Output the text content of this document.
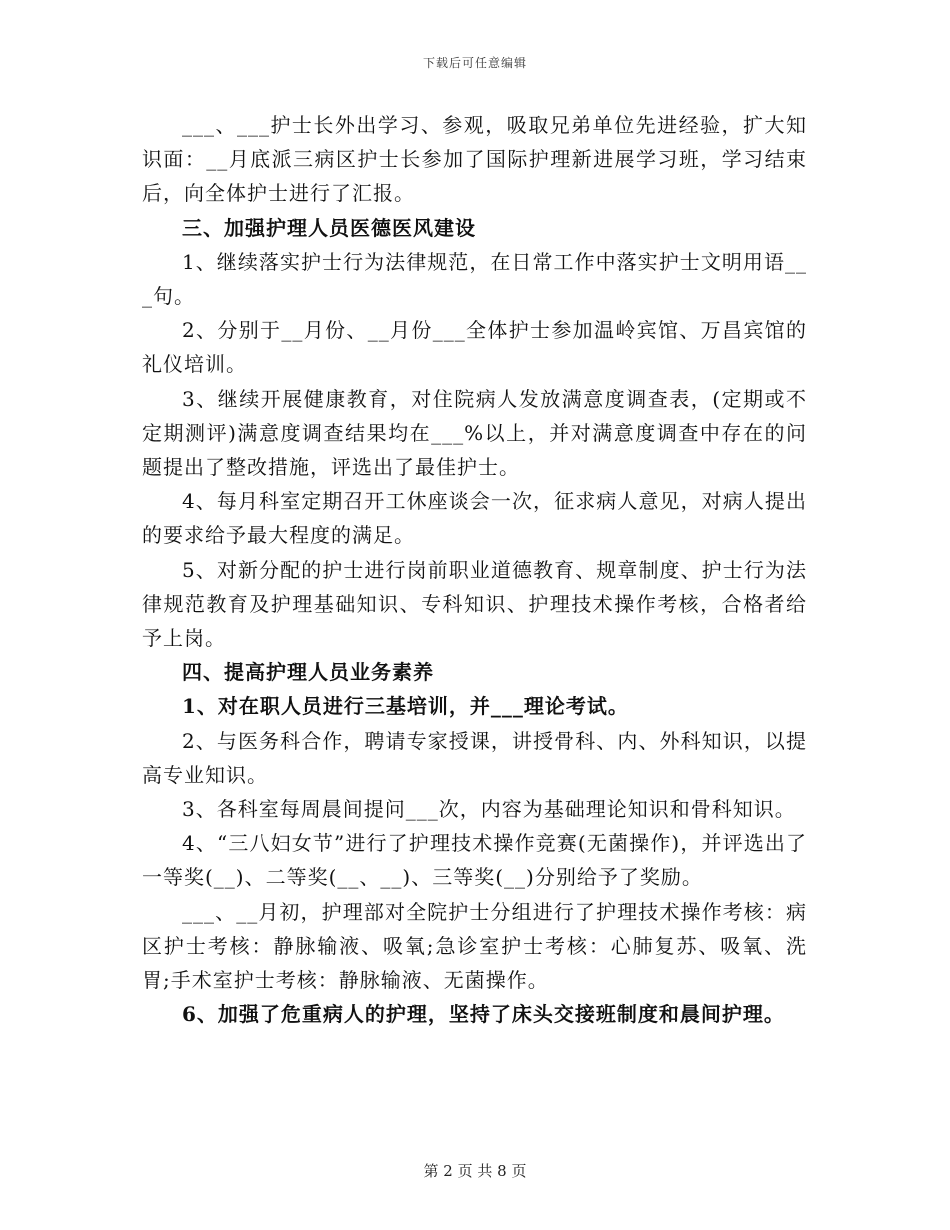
下载后可任意编辑

___、___护士长外出学习、参观，吸取兄弟单位先进经验，扩大知识面：__月底派三病区护士长参加了国际护理新进展学习班，学习结束后，向全体护士进行了汇报。

三、加强护理人员医德医风建设

1、继续落实护士行为法律规范，在日常工作中落实护士文明用语___句。

2、分别于__月份、__月份___全体护士参加温岭宾馆、万昌宾馆的礼仪培训。

3、继续开展健康教育，对住院病人发放满意度调查表，(定期或不定期测评)满意度调查结果均在___%以上，并对满意度调查中存在的问题提出了整改措施，评选出了最佳护士。

4、每月科室定期召开工休座谈会一次，征求病人意见，对病人提出的要求给予最大程度的满足。

5、对新分配的护士进行岗前职业道德教育、规章制度、护士行为法律规范教育及护理基础知识、专科知识、护理技术操作考核，合格者给予上岗。

四、提高护理人员业务素养

1、对在职人员进行三基培训，并___理论考试。

2、与医务科合作，聘请专家授课，讲授骨科、内、外科知识，以提高专业知识。

3、各科室每周晨间提问___次，内容为基础理论知识和骨科知识。

4、“三八妇女节”进行了护理技术操作竞赛(无菌操作)，并评选出了一等奖(__)、二等奖(__、__)、三等奖(__)分别给予了奖励。

___、__月初，护理部对全院护士分组进行了护理技术操作考核：病区护士考核：静脉输液、吸氧;急诊室护士考核：心肺复苏、吸氧、洗胃;手术室护士考核：静脉输液、无菌操作。

6、加强了危重病人的护理，坚持了床头交接班制度和晨间护理。

第 2 页 共 8 页
